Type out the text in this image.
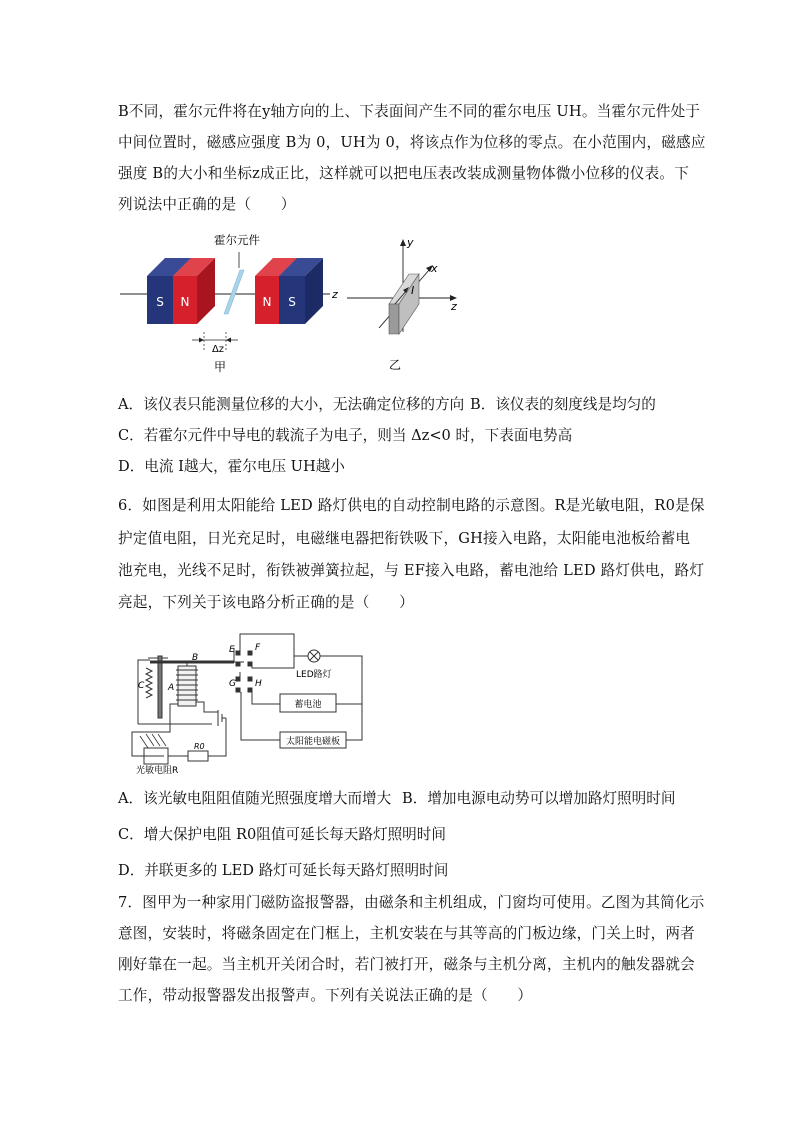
B不同，霍尔元件将在y轴方向的上、下表面间产生不同的霍尔电压 UH。当霍尔元件处于
中间位置时，磁感应强度 B为 0，UH为 0，将该点作为位移的零点。在小范围内，磁感应
强度 B的大小和坐标z成正比，这样就可以把电压表改装成测量物体微小位移的仪表。下
列说法中正确的是（　　）
S N
霍尔元件
N S
z
Δz
甲
y
z
x
I
乙
A．该仪表只能测量位移的大小，无法确定位移的方向 B．该仪表的刻度线是均匀的
C．若霍尔元件中导电的载流子为电子，则当 Δz<0 时，下表面电势高
D．电流 I越大，霍尔电压 UH越小
6．如图是利用太阳能给 LED 路灯供电的自动控制电路的示意图。R是光敏电阻，R0是保
护定值电阻，日光充足时，电磁继电器把衔铁吸下，GH接入电路，太阳能电池板给蓄电
池充电，光线不足时，衔铁被弹簧拉起，与 EF接入电路，蓄电池给 LED 路灯供电，路灯
亮起，下列关于该电路分析正确的是（　　）
B
C	A
E F
G H
R0
LED路灯
蓄电池
太阳能电磁板
光敏电阻R
A．该光敏电阻阻值随光照强度增大而增大 B．增加电源电动势可以增加路灯照明时间
C．增大保护电阻 R0阻值可延长每天路灯照明时间
D．并联更多的 LED 路灯可延长每天路灯照明时间
7．图甲为一种家用门磁防盗报警器，由磁条和主机组成，门窗均可使用。乙图为其简化示
意图，安装时，将磁条固定在门框上，主机安装在与其等高的门板边缘，门关上时，两者
刚好靠在一起。当主机开关闭合时，若门被打开，磁条与主机分离，主机内的触发器就会
工作，带动报警器发出报警声。下列有关说法正确的是（　　）
